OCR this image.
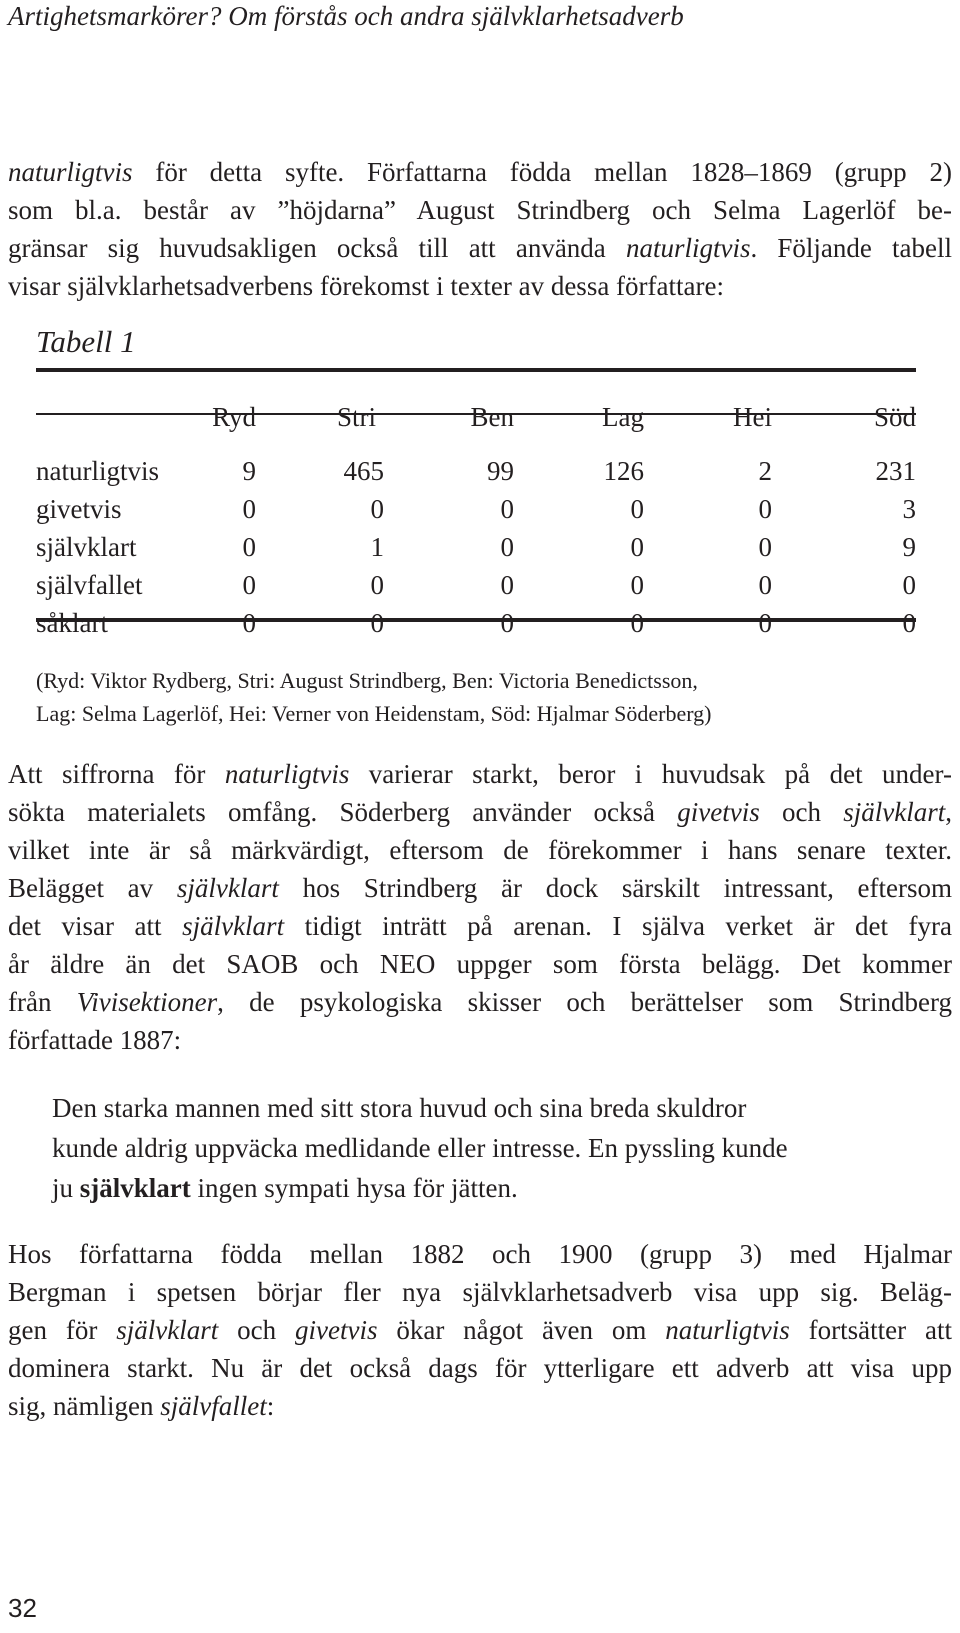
Artighetsmarkörer? Om förstås och andra självklarhetsadverb
naturligtvis för detta syfte. Författarna födda mellan 1828–1869 (grupp 2)
som bl.a. består av ”höjdarna” August Strindberg och Selma Lagerlöf be-
gränsar sig huvudsakligen också till att använda naturligtvis. Följande tabell
visar självklarhetsadverbens förekomst i texter av dessa författare:
Tabell 1
	Ryd	Stri	Ben	Lag	Hei	Söd

naturligtvis	9	465	99	126	2	231
givetvis	0	0	0	0	0	3
självklart	0	1	0	0	0	9
självfallet	0	0	0	0	0	0
såklart	0	0	0	0	0	0
(Ryd: Viktor Rydberg, Stri: August Strindberg, Ben: Victoria Benedictsson,
Lag: Selma Lagerlöf, Hei: Verner von Heidenstam, Söd: Hjalmar Söderberg)
Att siffrorna för naturligtvis varierar starkt, beror i huvudsak på det under-
sökta materialets omfång. Söderberg använder också givetvis och självklart,
vilket inte är så märkvärdigt, eftersom de förekommer i hans senare texter.
Belägget av självklart hos Strindberg är dock särskilt intressant, eftersom
det visar att självklart tidigt inträtt på arenan. I själva verket är det fyra
år äldre än det SAOB och NEO uppger som första belägg. Det kommer
från Vivisektioner, de psykologiska skisser och berättelser som Strindberg
författade 1887:
Den starka mannen med sitt stora huvud och sina breda skuldror
kunde aldrig uppväcka medlidande eller intresse. En pyssling kunde
ju självklart ingen sympati hysa för jätten.
Hos författarna födda mellan 1882 och 1900 (grupp 3) med Hjalmar
Bergman i spetsen börjar fler nya självklarhetsadverb visa upp sig. Beläg-
gen för självklart och givetvis ökar något även om naturligtvis fortsätter att
dominera starkt. Nu är det också dags för ytterligare ett adverb att visa upp
sig, nämligen självfallet:
32
